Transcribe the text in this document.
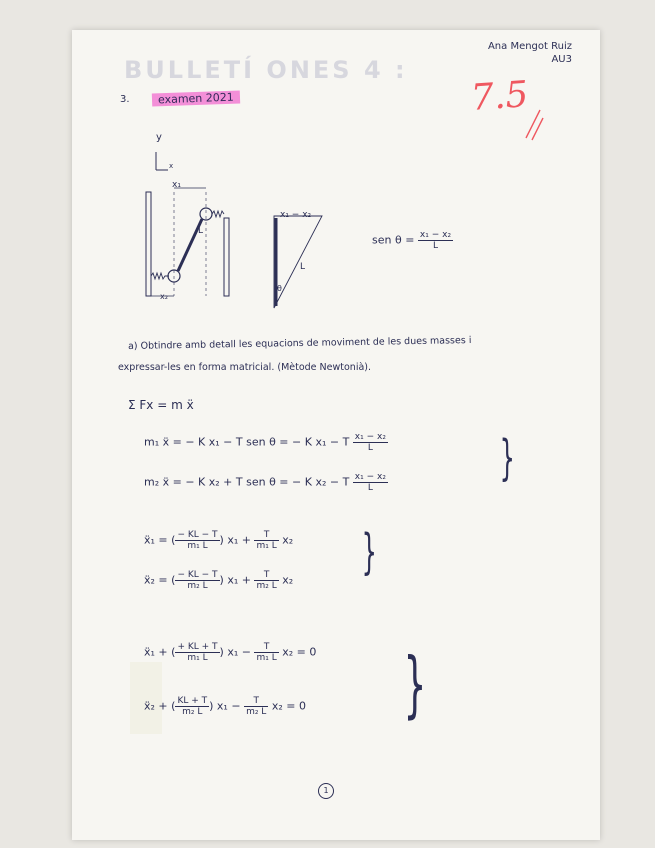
BULLETÍ ONES 4 :
Ana Mengot Ruiz
AU3
3.	examen 2021	7.5
y
x
x₁
x₂
L
x₁ − x₂
L
θ
sen $\theta = \frac{\text{x₁ − x₂}}{L}$
a) Obtindre amb detall les equacions de moviment de les dues masses i
expressar-les en forma matricial. (Mètode Newtonià).
Σ Fx = m ẍ
m₁ ẍ = − K x₁ − T sen θ = − K x₁ − T $\frac{\text{x₁ − x₂}}{L}$
m₂ ẍ = − K x₂ + T sen θ = − K x₂ − T $\frac{\text{x₁ − x₂}}{L}$ }
ẍ₁ = ( $\frac{- KL - T}{\text{m₁ L}}$ ) $x_1 + \frac{T}{\text{m₁ L}} x_2$
ẍ₂ = ( $\frac{- KL - T}{\text{m₂ L}}$ ) $x_1 + \frac{T}{\text{m₂ L}} x_2$ }
ẍ₁ + ( $\frac{+ KL + T}{\text{m₁ L}}$ ) $x_1 - \frac{T}{\text{m₁ L}} x_2 = 0$
ẍ₂ + ( $\frac{KL + T}{\text{m₂ L}}$ ) $x_1 - \frac{T}{\text{m₂ L}} x_2 = 0$ }
1
